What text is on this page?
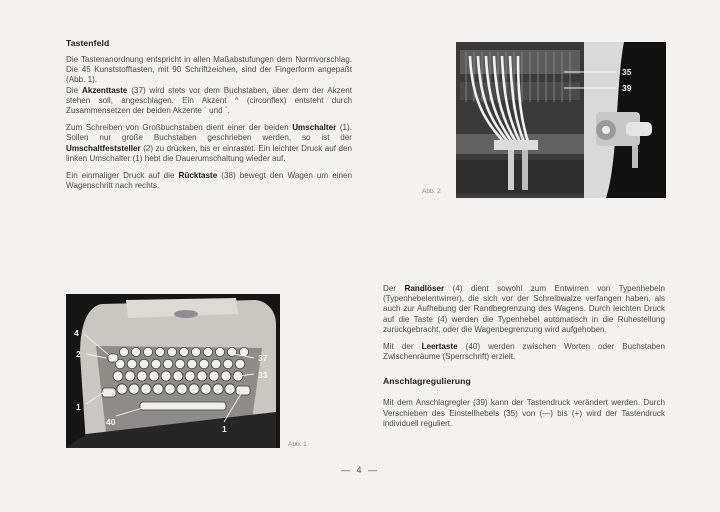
Tastenfeld

Die Tastenanordnung entspricht in allen Maßabstufungen dem Normvorschlag. Die 45 Kunststofftasten, mit 90 Schriftzeichen, sind der Fingerform angepaßt (Abb. 1).
Die Akzenttaste (37) wird stets vor dem Buchstaben, über dem der Akzent stehen soll, angeschlagen. Ein Akzent ^ (circonflex) entsteht durch Zusammensetzen der beiden Akzente ´ und `.

Zum Schreiben von Großbuchstaben dient einer der beiden Umschalter (1). Sollen nur große Buchstaben geschrieben werden, so ist der Umschaltfeststeller (2) zu drücken, bis er einrastet. Ein leichter Druck auf den linken Umschalter (1) hebt die Dauerumschaltung wieder auf.

Ein einmaliger Druck auf die Rücktaste (38) bewegt den Wagen um einen Wagenschritt nach rechts.

35
39
Abb. 2
4
2
1
40
37
33
1
Abb. 1

Der Randlöser (4) dient sowohl zum Entwirren von Typenhebeln (Typenhebelentwirrer), die sich vor der Schreibwalze verfangen haben, als auch zur Aufhebung der Randbegrenzung des Wagens. Durch leichten Druck auf die Taste (4) werden die Typenhebel automatisch in die Ruhestellung zurückgebracht, oder die Wagenbegrenzung wird aufgehoben.

Mit der Leertaste (40) werden zwischen Worten oder Buchstaben Zwischenräume (Sperrschrift) erzielt.

Anschlagregulierung

Mit dem Anschlagregler (39) kann der Tastendruck verändert werden. Durch Verschieben des Einstellhebels (35) von (—) bis (+) wird der Tastendruck individuell reguliert.

— 4 —
